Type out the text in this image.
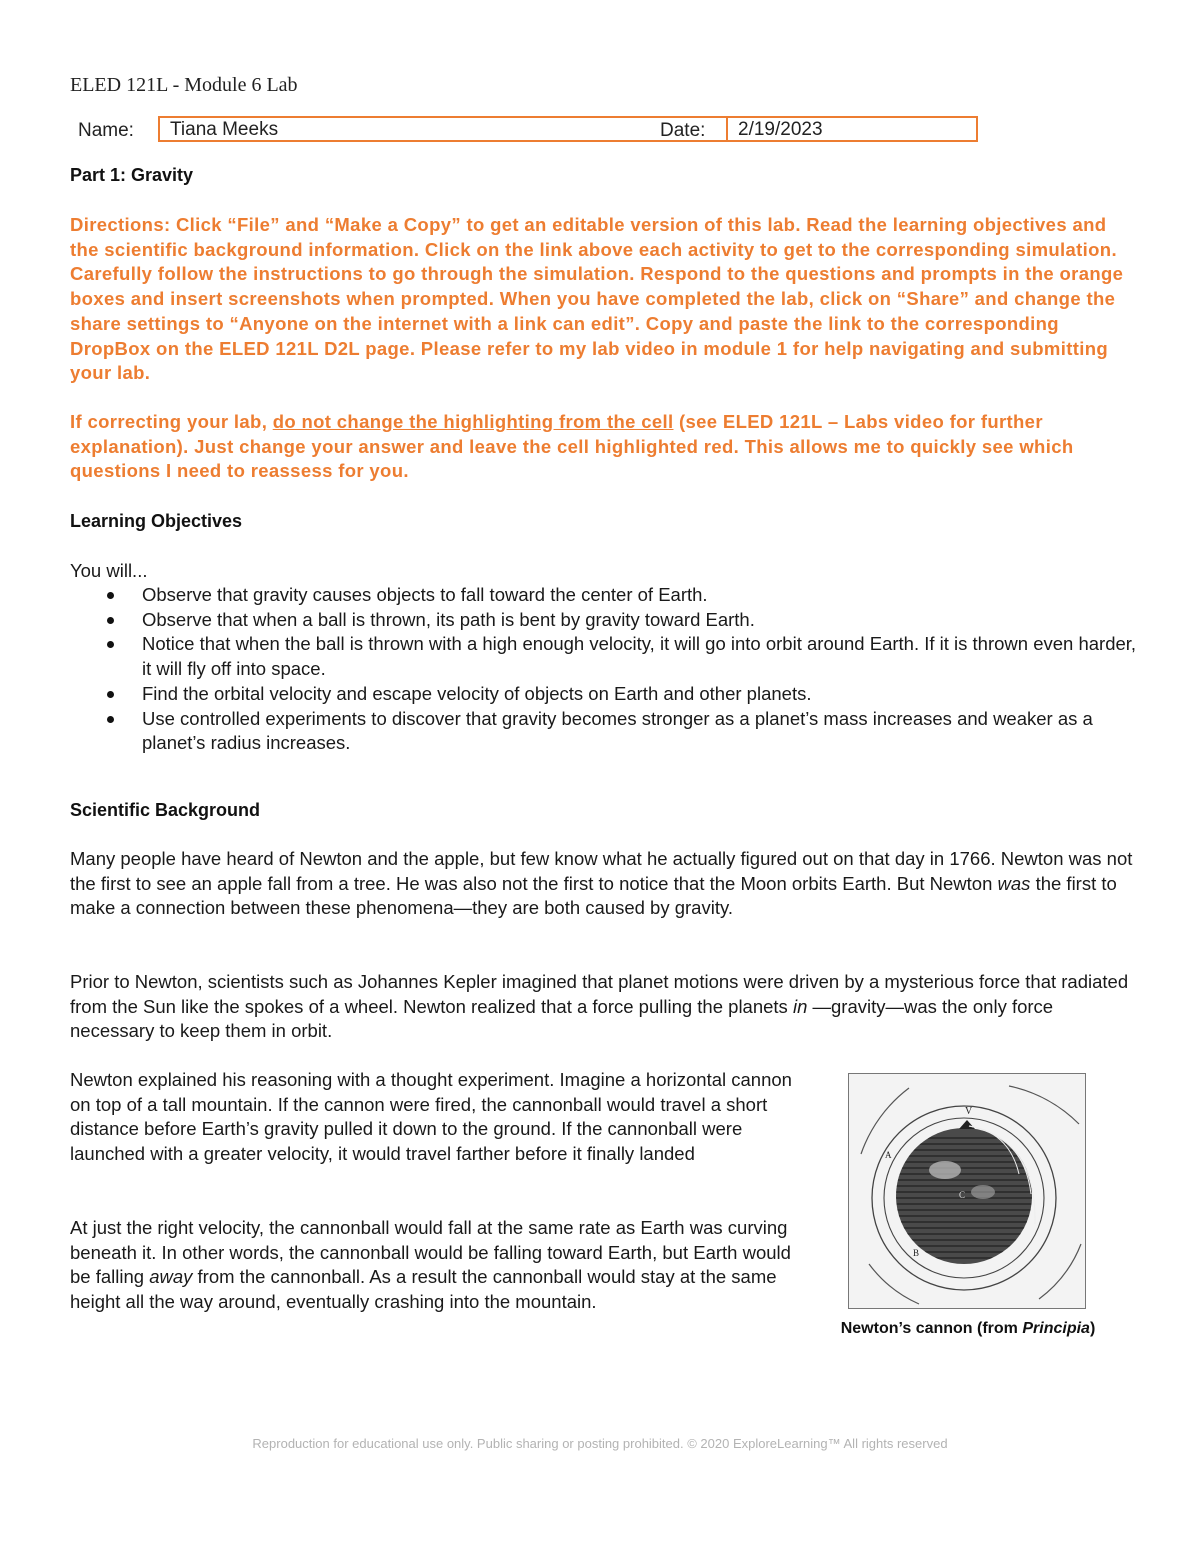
ELED 121L - Module 6 Lab
Name:	Tiana Meeks	Date:	2/19/2023
Part 1: Gravity
Directions: Click “File” and “Make a Copy” to get an editable version of this lab. Read the learning objectives and the scientific background information. Click on the link above each activity to get to the corresponding simulation. Carefully follow the instructions to go through the simulation. Respond to the questions and prompts in the orange boxes and insert screenshots when prompted. When you have completed the lab, click on “Share” and change the share settings to “Anyone on the internet with a link can edit”. Copy and paste the link to the corresponding DropBox on the ELED 121L D2L page. Please refer to my lab video in module 1 for help navigating and submitting your lab.
If correcting your lab, do not change the highlighting from the cell (see ELED 121L – Labs video for further explanation). Just change your answer and leave the cell highlighted red. This allows me to quickly see which questions I need to reassess for you.
Learning Objectives
You will...
Observe that gravity causes objects to fall toward the center of Earth.
Observe that when a ball is thrown, its path is bent by gravity toward Earth.
Notice that when the ball is thrown with a high enough velocity, it will go into orbit around Earth. If it is thrown even harder, it will fly off into space.
Find the orbital velocity and escape velocity of objects on Earth and other planets.
Use controlled experiments to discover that gravity becomes stronger as a planet’s mass increases and weaker as a planet’s radius increases.
Scientific Background
Many people have heard of Newton and the apple, but few know what he actually figured out on that day in 1766. Newton was not the first to see an apple fall from a tree. He was also not the first to notice that the Moon orbits Earth. But Newton was the first to make a connection between these phenomena—they are both caused by gravity.
Prior to Newton, scientists such as Johannes Kepler imagined that planet motions were driven by a mysterious force that radiated from the Sun like the spokes of a wheel. Newton realized that a force pulling the planets in —gravity—was the only force necessary to keep them in orbit.
Newton explained his reasoning with a thought experiment. Imagine a horizontal cannon on top of a tall mountain. If the cannon were fired, the cannonball would travel a short distance before Earth’s gravity pulled it down to the ground. If the cannonball were launched with a greater velocity, it would travel farther before it finally landed
At just the right velocity, the cannonball would fall at the same rate as Earth was curving beneath it. In other words, the cannonball would be falling toward Earth, but Earth would be falling away from the cannonball. As a result the cannonball would stay at the same height all the way around, eventually crashing into the mountain.
V
A
B
C
Newton’s cannon (from Principia)
Reproduction for educational use only. Public sharing or posting prohibited. © 2020 ExploreLearning™ All rights reserved
